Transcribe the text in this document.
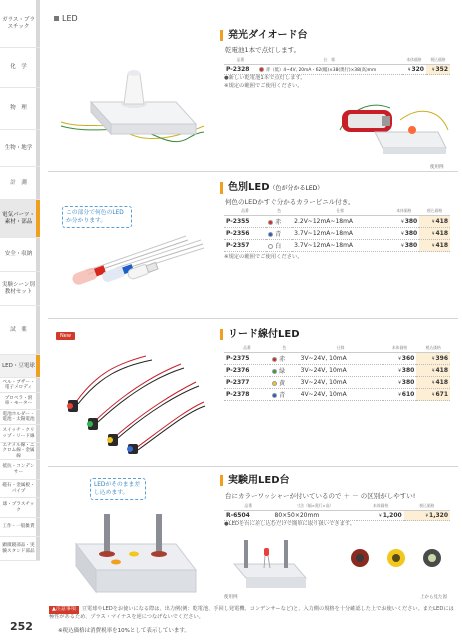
ガラス・プラスチック
化　学
物　理
生物・地学
計　測
電気パーツ・素材・部品
安全・収納
実験シーン別教材セット
試　薬
LED・豆電球
ベル・ブザー・電子メロディ
プロペラ・滑車・モーター
電池ホルダー・電池・太陽電池
スイッチ・クリップ・リード線
エナメル線・ニクロム線・金属線
抵抗・コンデンサー
磁石・金属板・パイプ
球・プラスチック
工作・一般雑貨
顕微鏡部品・実験スタンド部品
252
LED
発光ダイオード台
乾電池1本で点灯します。
品番	仕　様	本体価格	税込価格
P-2328	赤（低）4~4V, 20mA・62(幅)×38(奥行)×38(高)mm	¥320	¥352
●新しい乾電池1本で点灯します。
※規定の範囲でご使用ください。
使用例
この部分で何色のLEDか分かります。
色別LED（色が分かるLED）
何色のLEDかすぐ分かるカラービニル付き。
品番	色	仕様	本体価格	税込価格
P-2355	赤	2.2V~12mA~18mA	¥380	¥418
P-2356	青	3.7V~12mA~18mA	¥380	¥418
P-2357	白	3.7V~12mA~18mA	¥380	¥418
※規定の範囲でご使用ください。
New	リード線付LED
品番	色	仕様	本体価格	税込価格
P-2375	赤	3V~24V, 10mA	¥360	¥396
P-2376	緑	3V~24V, 10mA	¥380	¥418
P-2377	黄	3V~24V, 10mA	¥380	¥418
P-2378	青	4V~24V, 10mA	¥610	¥671
LEDがそのまま差し込めます。
実験用LED台
台にカラーワッシャーが付いているので ＋ － の区別がしやすい!
品番	寸法（幅×奥行×高）	本体価格	税込価格
R-6504	80×50×20mm	¥1,200	¥1,320
●LEDを台に差し込むだけで簡単に取り扱いできます。
使用例	上から見た図
▲注意事項 豆電球やLEDをお使いになる際は、出力例(例：乾電池、手回し発電機、コンデンサーなど)と、入力側の規格を十分確認した上でお使いください。またLEDには極性があるため、プラス・マイナスを逆につなげないでください。
※税込価格は消費税率を10%として表示しています。
